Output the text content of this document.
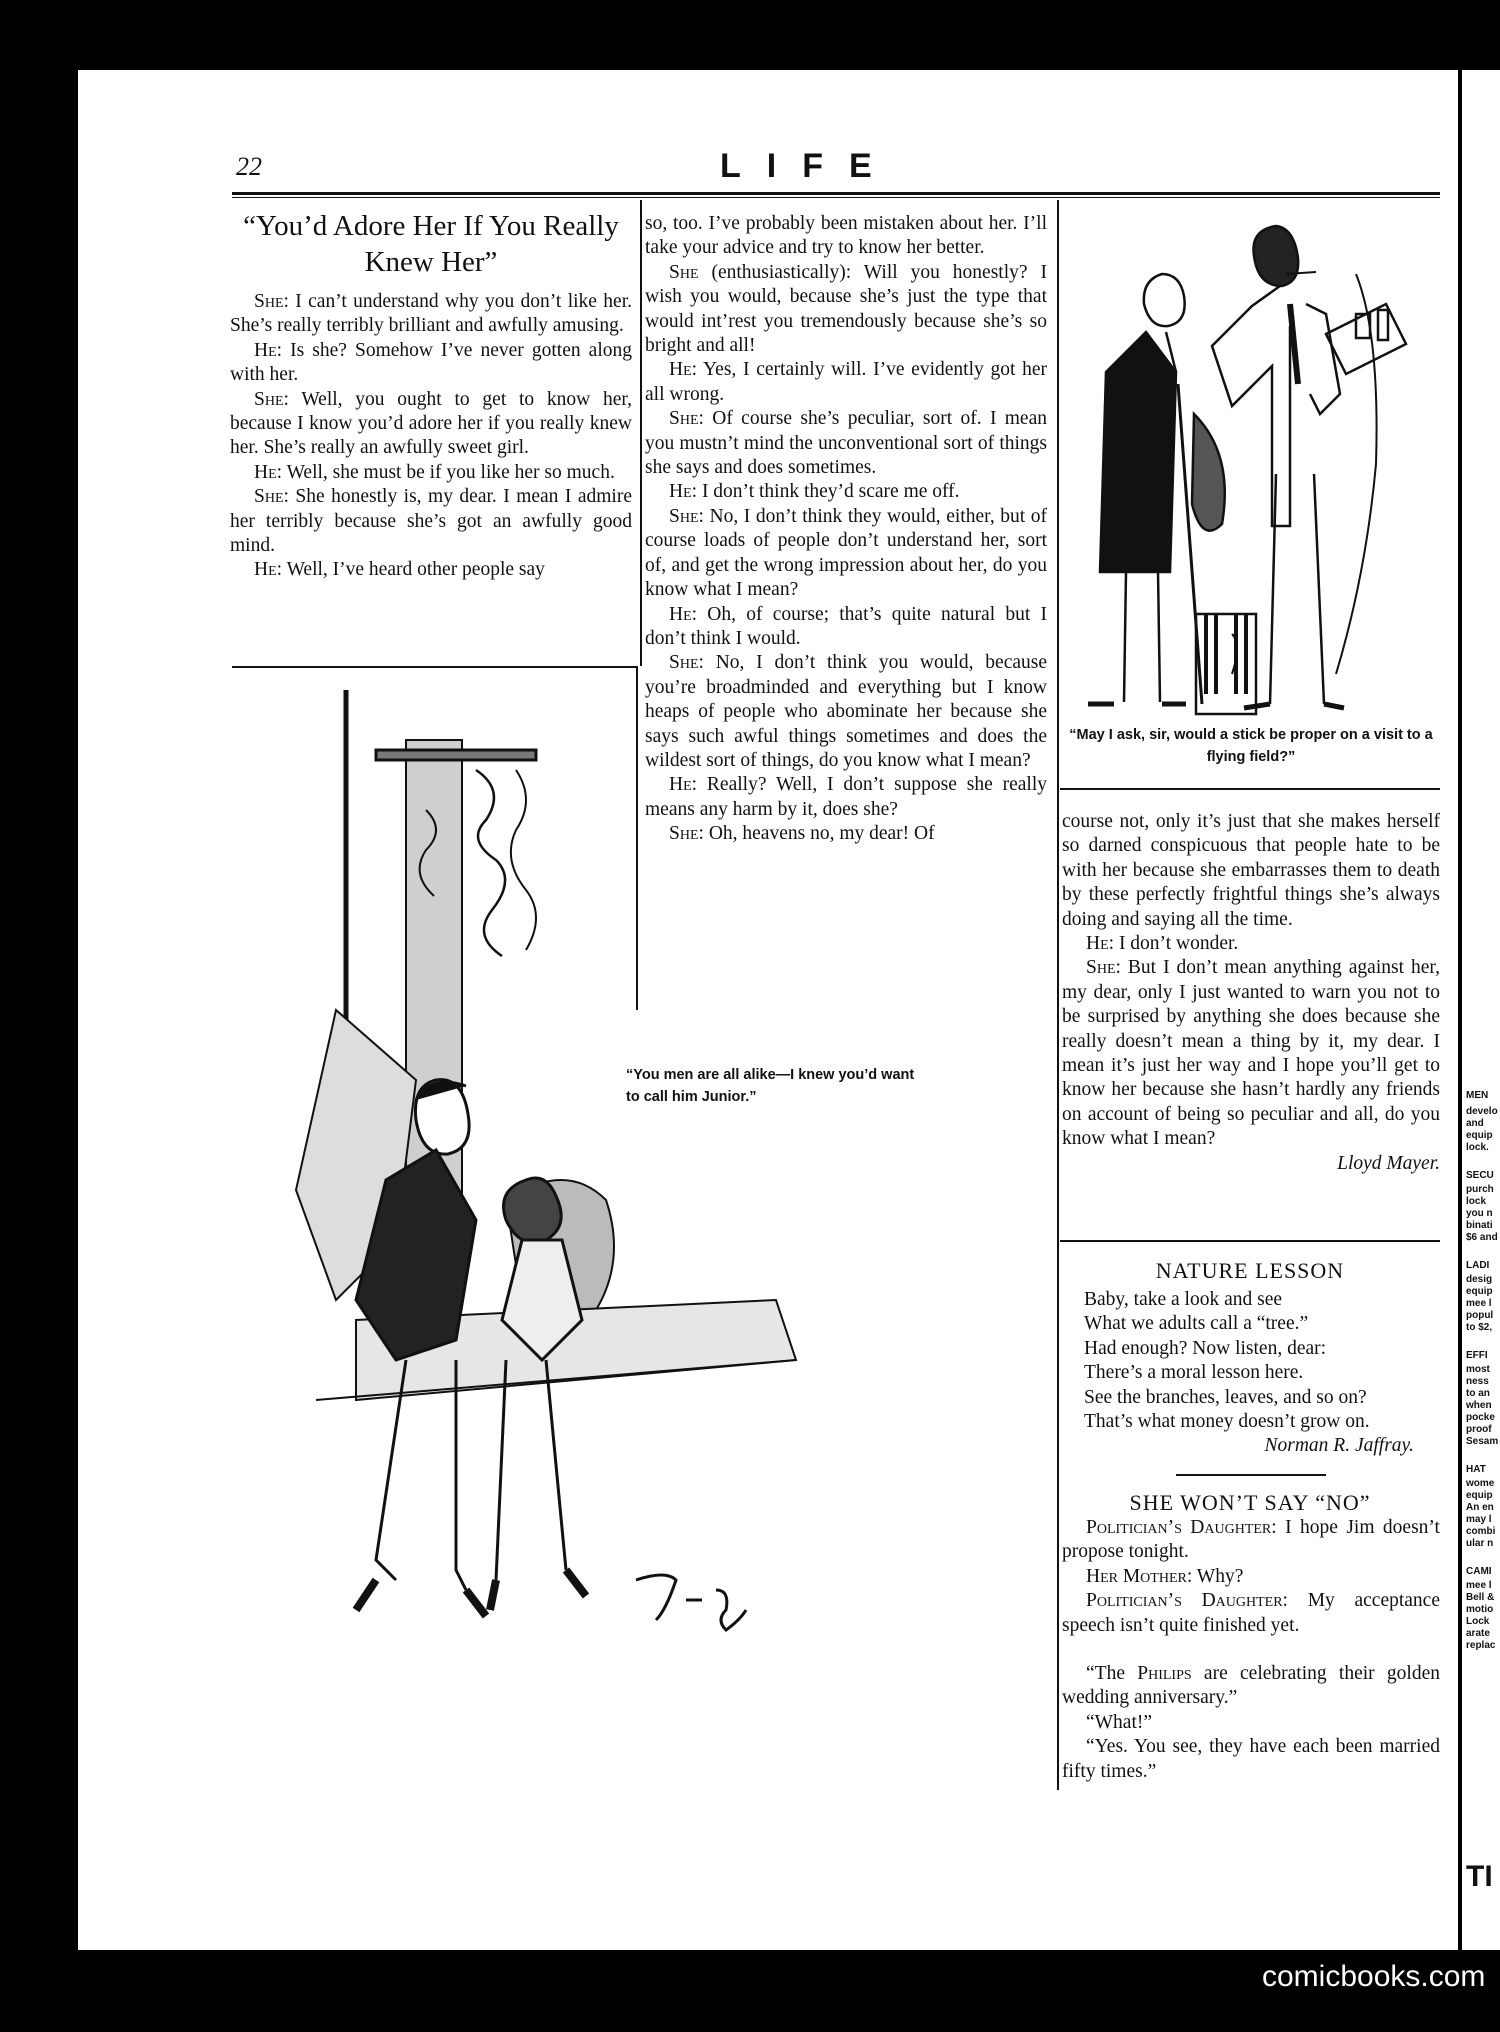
MEN
develo
and
equip
lock.
SECU
purch
lock
you n
binati
$6 and
LADI
desig
equip
mee l
popul
to $2,
EFFI
most
ness
to an
when
pocke
proof
Sesam
HAT
wome
equip
An en
may l
combi
ular n
CAMI
mee l
Bell &
motio
Lock
arate
replac
TI
22	LIFE
“You’d Adore Her If You Really Knew Her”

She: I can’t understand why you don’t like her. She’s really terribly brilliant and awfully amusing.

He: Is she? Somehow I’ve never gotten along with her.

She: Well, you ought to get to know her, because I know you’d adore her if you really knew her. She’s really an awfully sweet girl.

He: Well, she must be if you like her so much.

She: She honestly is, my dear. I mean I admire her terribly because she’s got an awfully good mind.

He: Well, I’ve heard other people say

so, too. I’ve probably been mistaken about her. I’ll take your advice and try to know her better.

She (enthusiastically): Will you honestly? I wish you would, because she’s just the type that would int’rest you tremendously because she’s so bright and all!

He: Yes, I certainly will. I’ve evidently got her all wrong.

She: Of course she’s peculiar, sort of. I mean you mustn’t mind the unconventional sort of things she says and does sometimes.

He: I don’t think they’d scare me off.

She: No, I don’t think they would, either, but of course loads of people don’t understand her, sort of, and get the wrong impression about her, do you know what I mean?

He: Oh, of course; that’s quite natural but I don’t think I would.

She: No, I don’t think you would, because you’re broadminded and everything but I know heaps of people who abominate her because she says such awful things sometimes and does the wildest sort of things, do you know what I mean?

He: Really? Well, I don’t suppose she really means any harm by it, does she?

She: Oh, heavens no, my dear! Of

course not, only it’s just that she makes herself so darned conspicuous that people hate to be with her because she embarrasses them to death by these perfectly frightful things she’s always doing and saying all the time.

He: I don’t wonder.

She: But I don’t mean anything against her, my dear, only I just wanted to warn you not to be surprised by anything she does because she really doesn’t mean a thing by it, my dear. I mean it’s just her way and I hope you’ll get to know her because she hasn’t hardly any friends on account of being so peculiar and all, do you know what I mean?

Lloyd Mayer.

“May I ask, sir, would a stick be proper on a visit to a flying field?”
“You men are all alike—I knew you’d want to call him Junior.”
NATURE LESSON
Baby, take a look and see
What we adults call a “tree.”
Had enough? Now listen, dear:
There’s a moral lesson here.
See the branches, leaves, and so on?
That’s what money doesn’t grow on.
Norman R. Jaffray.
SHE WON’T SAY “NO”

Politician’s Daughter: I hope Jim doesn’t propose tonight.

Her Mother: Why?

Politician’s Daughter: My acceptance speech isn’t quite finished yet.

“The Philips are celebrating their golden wedding anniversary.”

“What!”

“Yes. You see, they have each been married fifty times.”

comicbooks.com
